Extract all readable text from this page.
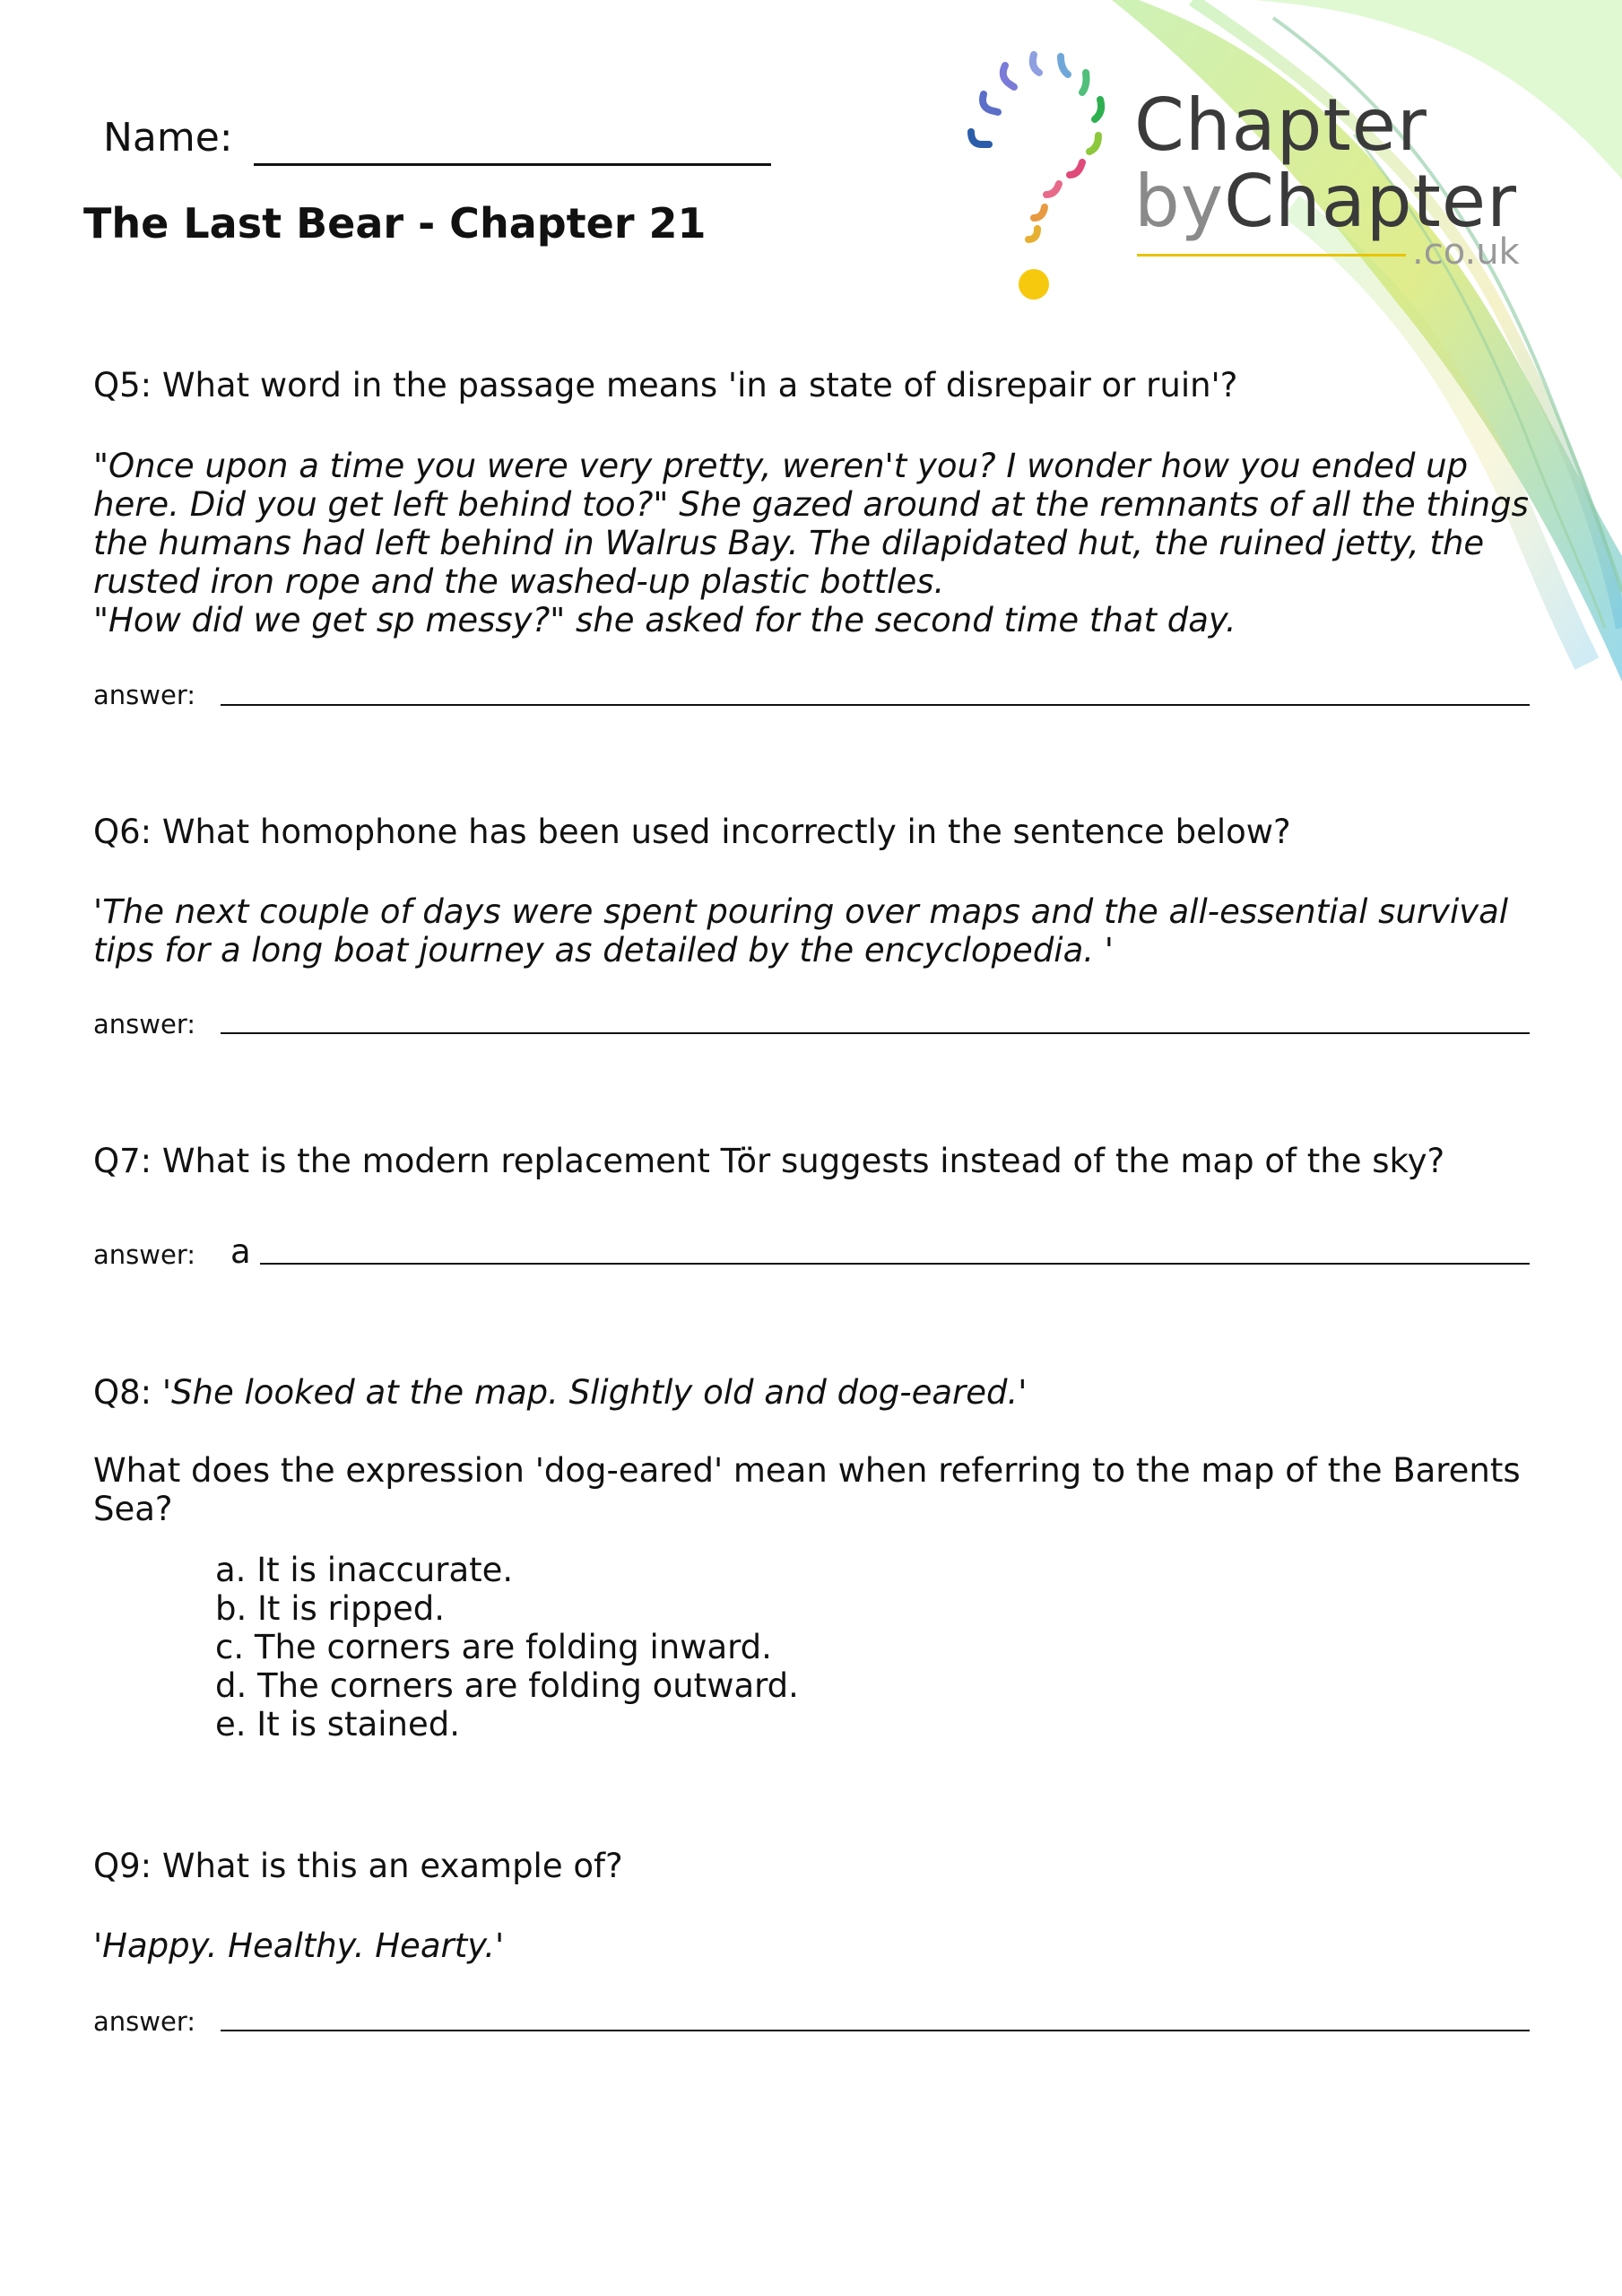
Name:
The Last Bear - Chapter 21
Chapter
byChapter
.co.uk
Q5: What word in the passage means 'in a state of disrepair or ruin'?
"Once upon a time you were very pretty, weren't you? I wonder how you ended up
here. Did you get left behind too?" She gazed around at the remnants of all the things
the humans had left behind in Walrus Bay. The dilapidated hut, the ruined jetty, the
rusted iron rope and the washed-up plastic bottles.
"How did we get sp messy?" she asked for the second time that day.
answer:
Q6: What homophone has been used incorrectly in the sentence below?
'The next couple of days were spent pouring over maps and the all-essential survival
tips for a long boat journey as detailed by the encyclopedia. '
answer:
Q7: What is the modern replacement Tör suggests instead of the map of the sky?
answer: a
Q8: 'She looked at the map. Slightly old and dog-eared.'
What does the expression 'dog-eared' mean when referring to the map of the Barents
Sea?
a. It is inaccurate.
b. It is ripped.
c. The corners are folding inward.
d. The corners are folding outward.
e. It is stained.
Q9: What is this an example of?
'Happy. Healthy. Hearty.'
answer:
